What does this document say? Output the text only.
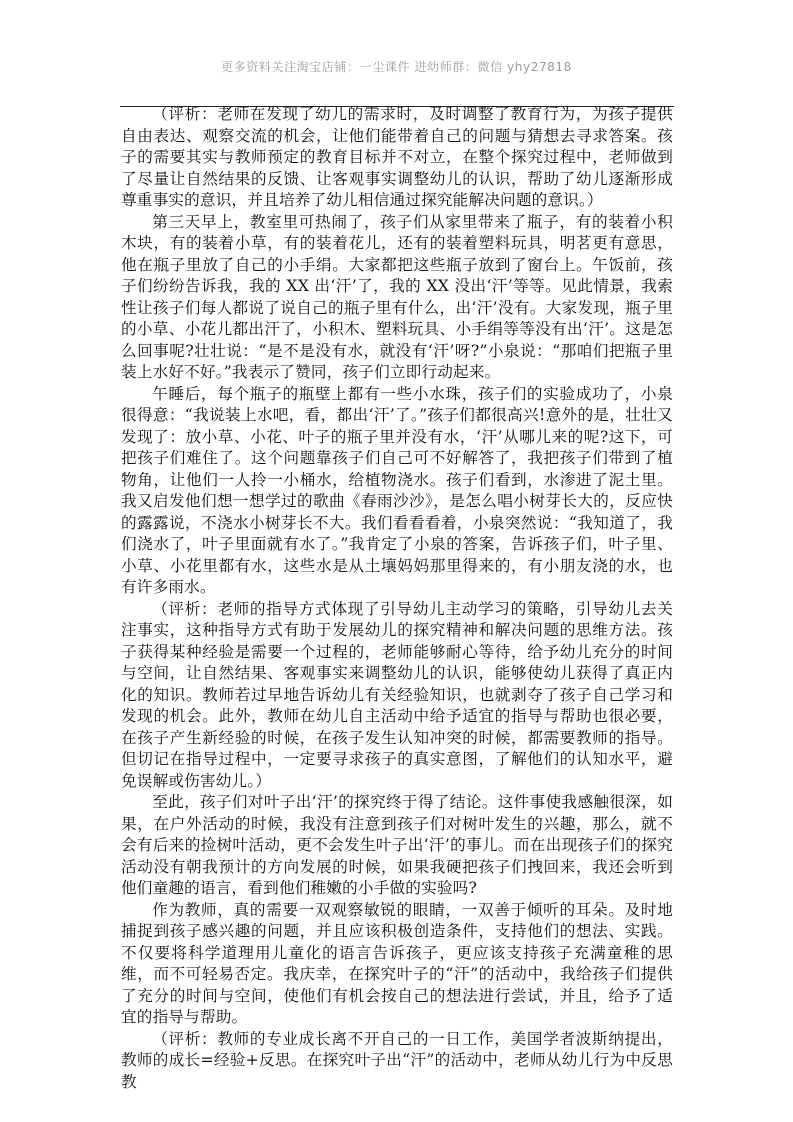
更多资料关注淘宝店铺：一尘课件 进幼师群：微信 yhy27818

（评析：老师在发现了幼儿的需求时，及时调整了教育行为，为孩子提供自由表达、观察交流的机会，让他们能带着自己的问题与猜想去寻求答案。孩子的需要其实与教师预定的教育目标并不对立，在整个探究过程中，老师做到了尽量让自然结果的反馈、让客观事实调整幼儿的认识，帮助了幼儿逐渐形成尊重事实的意识，并且培养了幼儿相信通过探究能解决问题的意识。）

第三天早上，教室里可热闹了，孩子们从家里带来了瓶子，有的装着小积木块，有的装着小草，有的装着花儿，还有的装着塑料玩具，明茗更有意思，他在瓶子里放了自己的小手绢。大家都把这些瓶子放到了窗台上。午饭前，孩子们纷纷告诉我，我的 XX 出‘汗’了，我的 XX 没出‘汗’等等。见此情景，我索性让孩子们每人都说了说自己的瓶子里有什么，出‘汗’没有。大家发现，瓶子里的小草、小花儿都出汗了，小积木、塑料玩具、小手绢等等没有出‘汗’。这是怎么回事呢?壮壮说：“是不是没有水，就没有‘汗’呀?”小泉说：“那咱们把瓶子里装上水好不好。”我表示了赞同，孩子们立即行动起来。

午睡后，每个瓶子的瓶壁上都有一些小水珠，孩子们的实验成功了，小泉很得意：“我说装上水吧，看，都出‘汗’了。”孩子们都很高兴!意外的是，壮壮又发现了：放小草、小花、叶子的瓶子里并没有水，‘汗’从哪儿来的呢?这下，可把孩子们难住了。这个问题靠孩子们自己可不好解答了，我把孩子们带到了植物角，让他们一人拎一小桶水，给植物浇水。孩子们看到，水渗进了泥土里。我又启发他们想一想学过的歌曲《春雨沙沙》，是怎么唱小树芽长大的，反应快的露露说，不浇水小树芽长不大。我们看看看着，小泉突然说：“我知道了，我们浇水了，叶子里面就有水了。”我肯定了小泉的答案，告诉孩子们，叶子里、小草、小花里都有水，这些水是从土壤妈妈那里得来的，有小朋友浇的水，也有许多雨水。

（评析：老师的指导方式体现了引导幼儿主动学习的策略，引导幼儿去关注事实，这种指导方式有助于发展幼儿的探究精神和解决问题的思维方法。孩子获得某种经验是需要一个过程的，老师能够耐心等待，给予幼儿充分的时间与空间，让自然结果、客观事实来调整幼儿的认识，能够使幼儿获得了真正内化的知识。教师若过早地告诉幼儿有关经验知识，也就剥夺了孩子自己学习和发现的机会。此外，教师在幼儿自主活动中给予适宜的指导与帮助也很必要，在孩子产生新经验的时候，在孩子发生认知冲突的时候，都需要教师的指导。但切记在指导过程中，一定要寻求孩子的真实意图，了解他们的认知水平，避免误解或伤害幼儿。）

至此，孩子们对叶子出‘汗’的探究终于得了结论。这件事使我感触很深，如果，在户外活动的时候，我没有注意到孩子们对树叶发生的兴趣，那么，就不会有后来的捡树叶活动，更不会发生叶子出‘汗’的事儿。而在出现孩子们的探究活动没有朝我预计的方向发展的时候，如果我硬把孩子们拽回来，我还会听到他们童趣的语言，看到他们稚嫩的小手做的实验吗?

作为教师，真的需要一双观察敏锐的眼睛，一双善于倾听的耳朵。及时地捕捉到孩子感兴趣的问题，并且应该积极创造条件，支持他们的想法、实践。不仅要将科学道理用儿童化的语言告诉孩子，更应该支持孩子充满童稚的思维，而不可轻易否定。我庆幸，在探究叶子的“汗”的活动中，我给孩子们提供了充分的时间与空间，使他们有机会按自己的想法进行尝试，并且，给予了适宜的指导与帮助。

（评析：教师的专业成长离不开自己的一日工作，美国学者波斯纳提出，教师的成长=经验+反思。在探究叶子出“汗”的活动中，老师从幼儿行为中反思教
